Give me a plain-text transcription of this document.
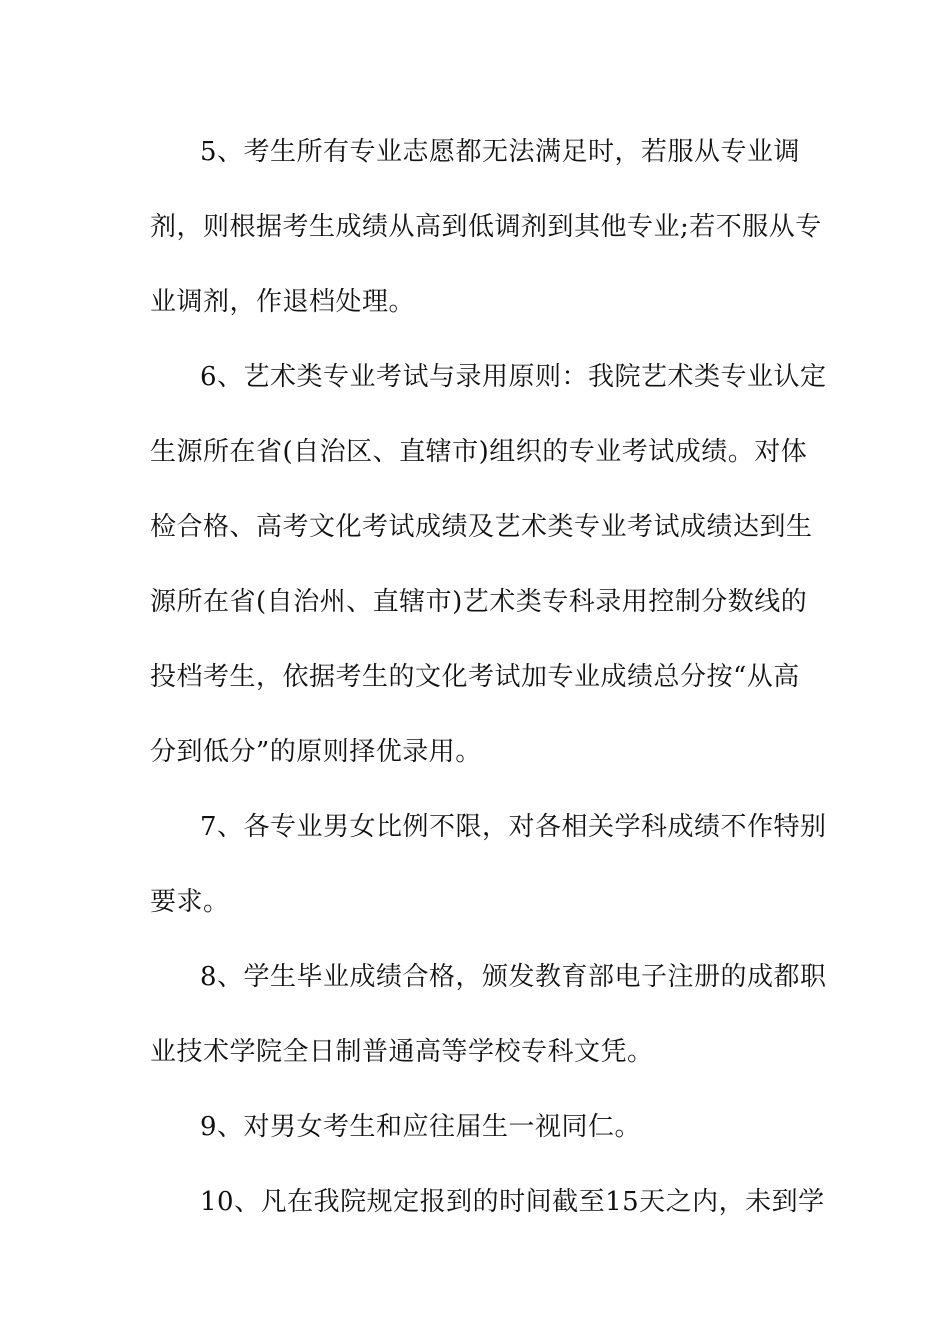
5、考生所有专业志愿都无法满足时，若服从专业调
剂，则根据考生成绩从高到低调剂到其他专业;若不服从专
业调剂，作退档处理。
6、艺术类专业考试与录用原则：我院艺术类专业认定
生源所在省(自治区、直辖市)组织的专业考试成绩。对体
检合格、高考文化考试成绩及艺术类专业考试成绩达到生
源所在省(自治州、直辖市)艺术类专科录用控制分数线的
投档考生，依据考生的文化考试加专业成绩总分按“从高
分到低分”的原则择优录用。
7、各专业男女比例不限，对各相关学科成绩不作特别
要求。
8、学生毕业成绩合格，颁发教育部电子注册的成都职
业技术学院全日制普通高等学校专科文凭。
9、对男女考生和应往届生一视同仁。
10、凡在我院规定报到的时间截至15天之内，未到学
